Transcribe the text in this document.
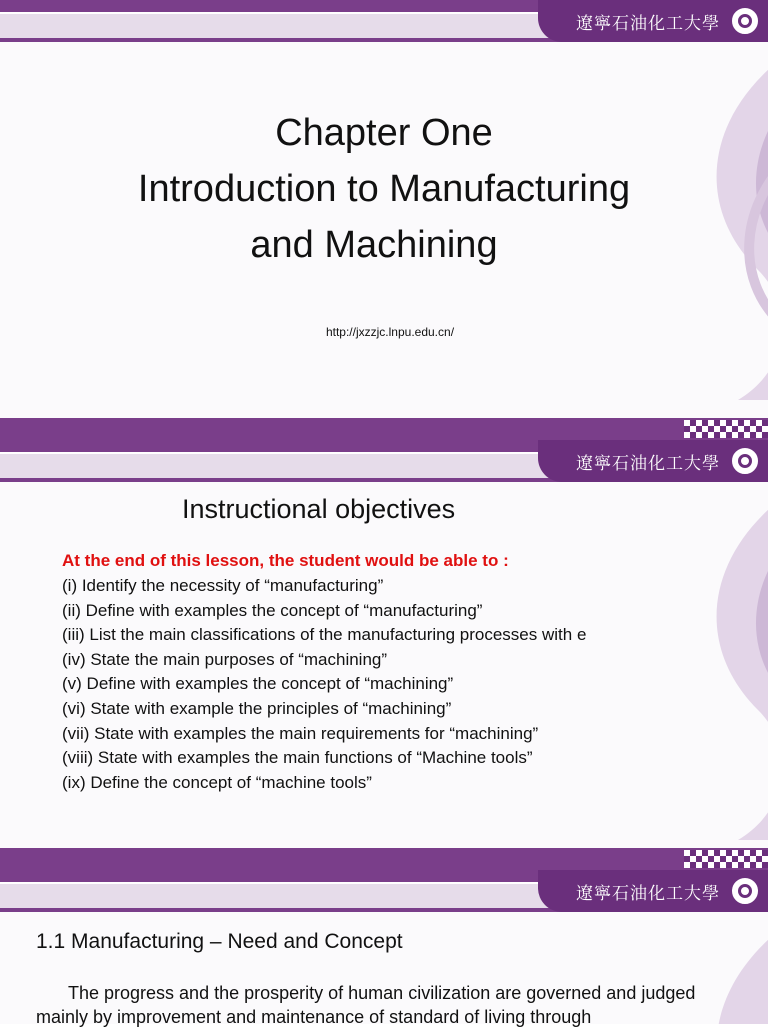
遼寧石油化工大學
Chapter One
Introduction to Manufacturing
and Machining
http://jxzzjc.lnpu.edu.cn/
遼寧石油化工大學
Instructional objectives
At the end of this lesson, the student would be able to :
(i) Identify the necessity of “manufacturing”
(ii) Define with examples the concept of “manufacturing”
(iii) List the main classifications of the manufacturing processes with e
(iv) State the main purposes of “machining”
(v) Define with examples the concept of “machining”
(vi) State with example the principles of “machining”
(vii) State with examples the main requirements for “machining”
(viii) State with examples the main functions of “Machine tools”
(ix) Define the concept of “machine tools”
遼寧石油化工大學
1.1 Manufacturing – Need and Concept
The progress and the prosperity of human civilization are governed and judged mainly by improvement and maintenance of standard of living through
